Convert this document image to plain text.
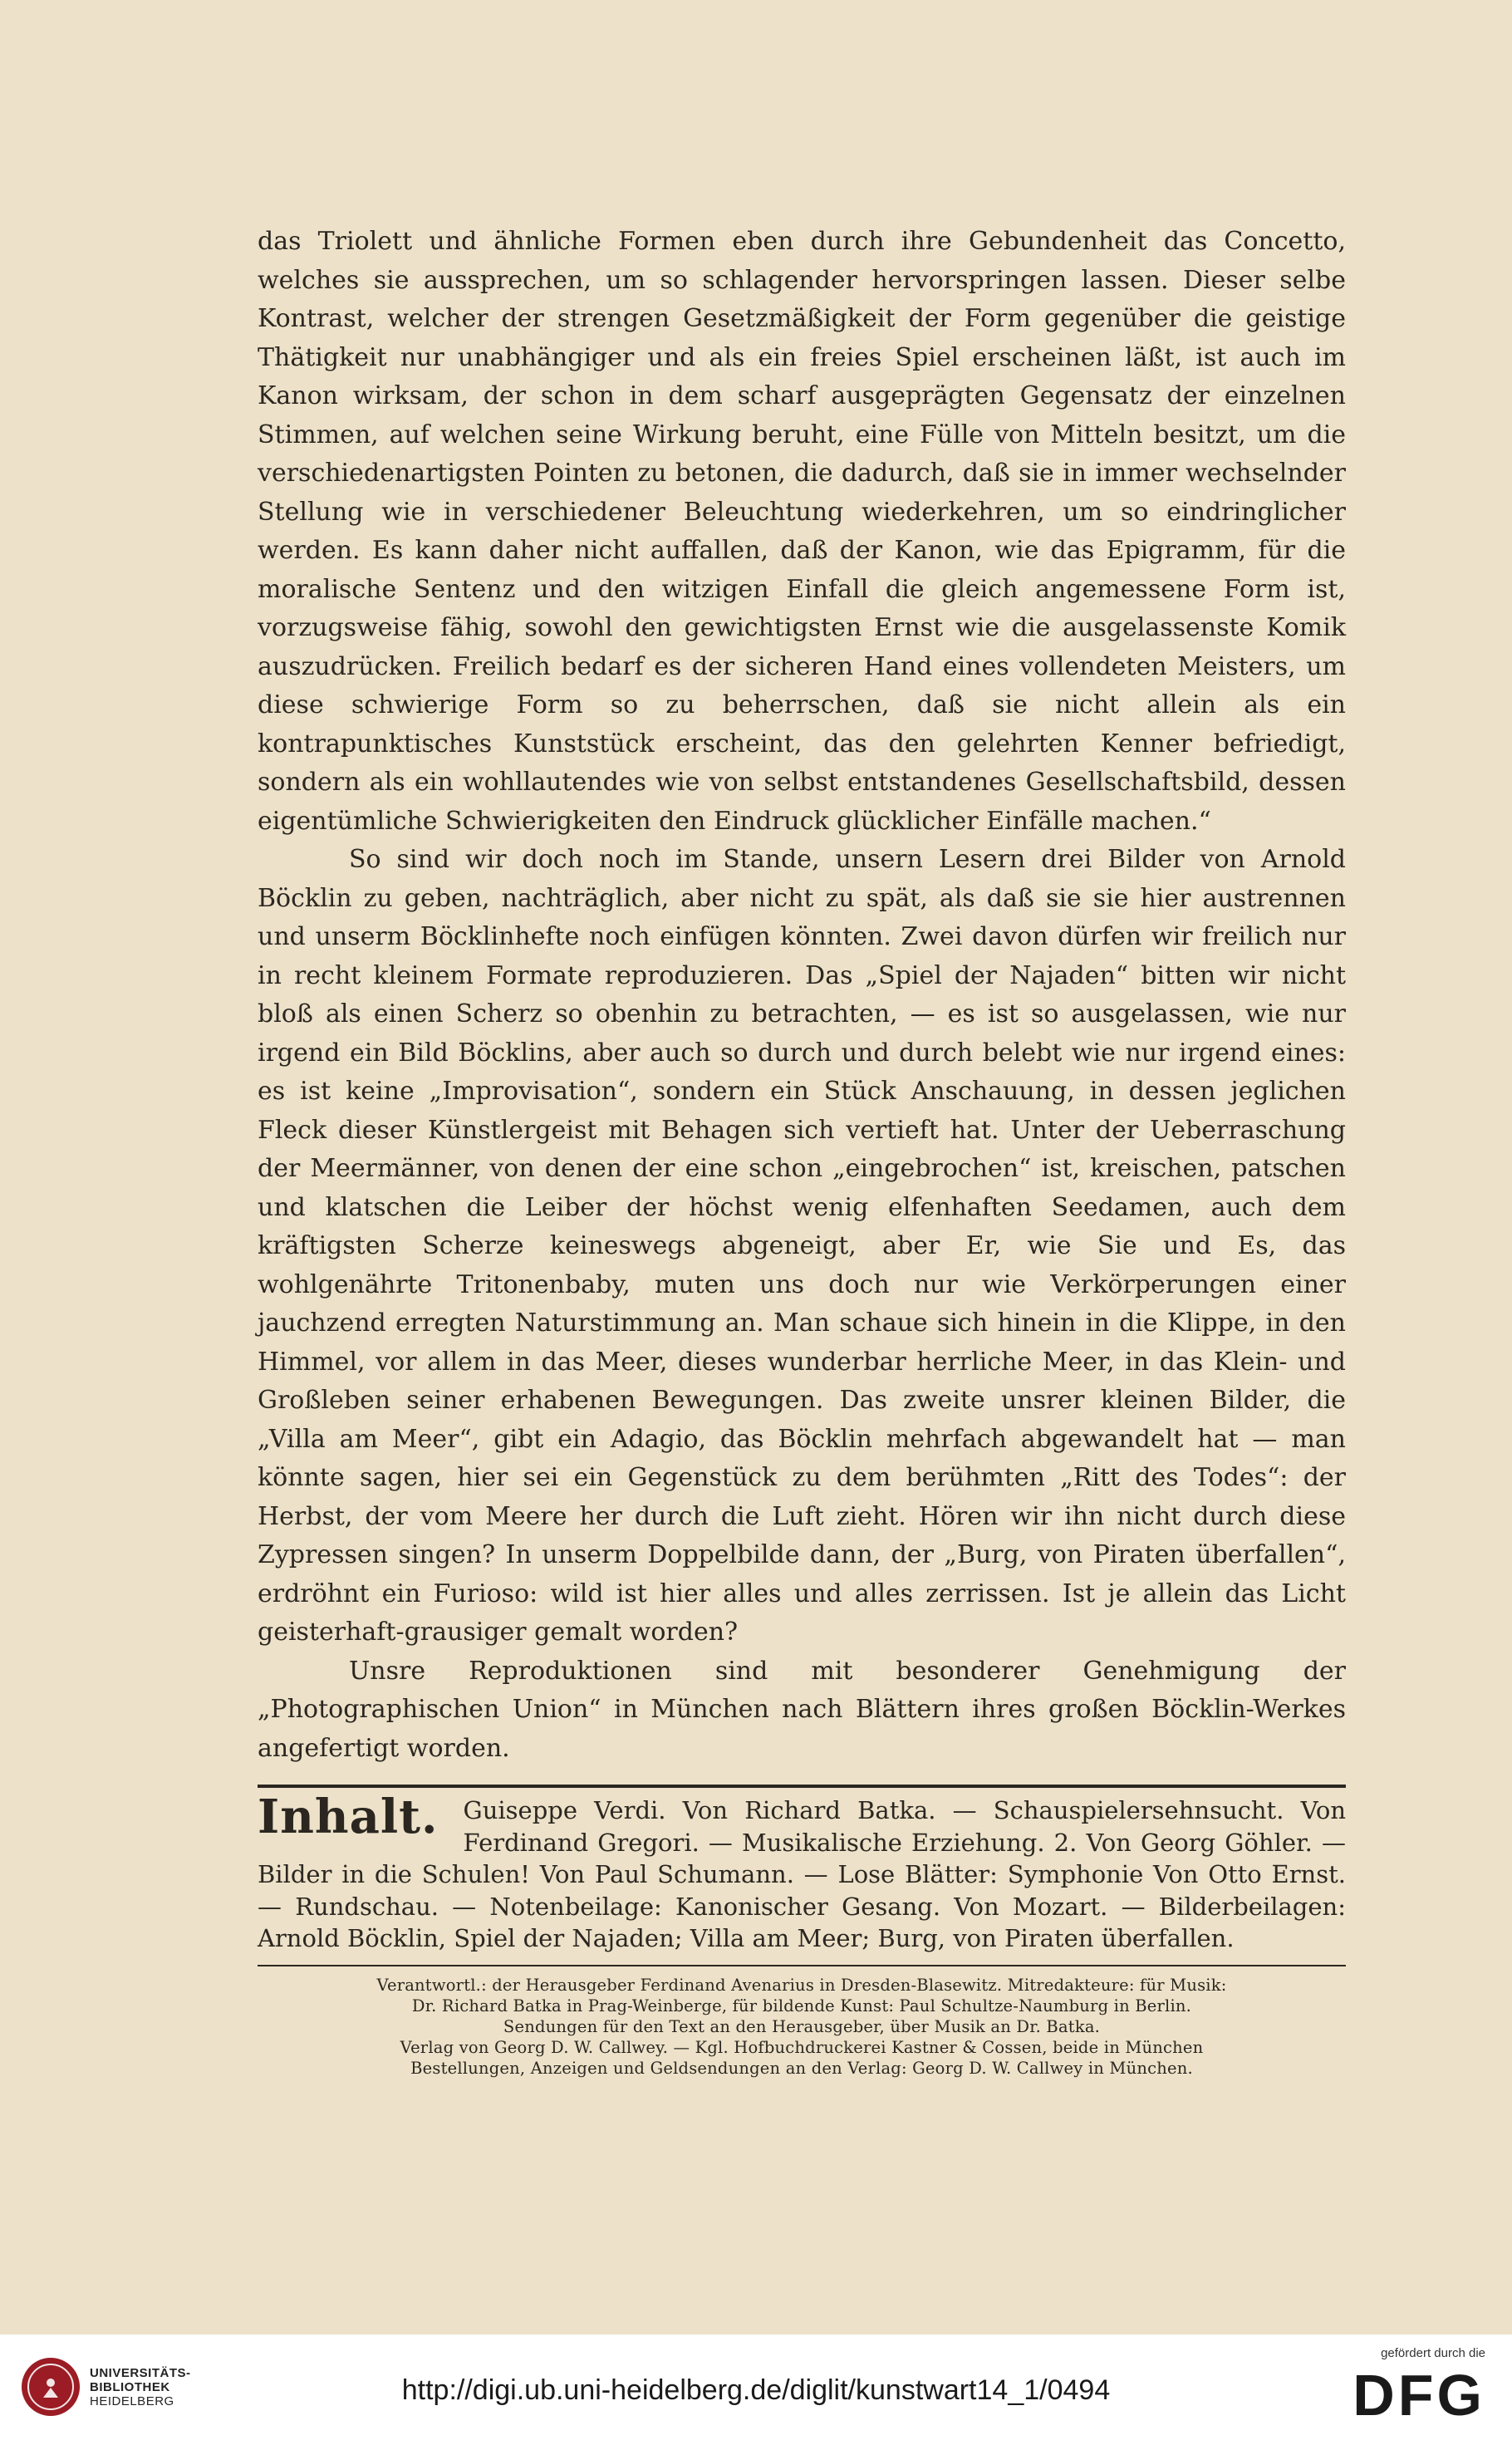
das Triolett und ähnliche Formen eben durch ihre Gebundenheit das Concetto, welches sie aussprechen, um so schlagender hervorspringen lassen. Dieser selbe Kontrast, welcher der strengen Gesetzmäßigkeit der Form gegenüber die geistige Thätigkeit nur unabhängiger und als ein freies Spiel erscheinen läßt, ist auch im Kanon wirksam, der schon in dem scharf ausgeprägten Gegensatz der einzelnen Stimmen, auf welchen seine Wirkung beruht, eine Fülle von Mitteln besitzt, um die verschiedenartigsten Pointen zu betonen, die dadurch, daß sie in immer wechselnder Stellung wie in verschiedener Beleuchtung wiederkehren, um so eindringlicher werden. Es kann daher nicht auffallen, daß der Kanon, wie das Epigramm, für die moralische Sentenz und den witzigen Einfall die gleich angemessene Form ist, vorzugsweise fähig, sowohl den gewichtigsten Ernst wie die ausgelassenste Komik auszudrücken. Freilich bedarf es der sicheren Hand eines vollendeten Meisters, um diese schwierige Form so zu beherrschen, daß sie nicht allein als ein kontrapunktisches Kunststück erscheint, das den gelehrten Kenner befriedigt, sondern als ein wohllautendes wie von selbst entstandenes Gesellschaftsbild, dessen eigentümliche Schwierigkeiten den Eindruck glücklicher Einfälle machen.“

So sind wir doch noch im Stande, unsern Lesern drei Bilder von Arnold Böcklin zu geben, nachträglich, aber nicht zu spät, als daß sie sie hier austrennen und unserm Böcklinhefte noch einfügen könnten. Zwei davon dürfen wir freilich nur in recht kleinem Formate reproduzieren. Das „Spiel der Najaden“ bitten wir nicht bloß als einen Scherz so obenhin zu betrachten, — es ist so ausgelassen, wie nur irgend ein Bild Böcklins, aber auch so durch und durch belebt wie nur irgend eines: es ist keine „Improvisation“, sondern ein Stück Anschauung, in dessen jeglichen Fleck dieser Künstlergeist mit Behagen sich vertieft hat. Unter der Ueberraschung der Meermänner, von denen der eine schon „eingebrochen“ ist, kreischen, patschen und klatschen die Leiber der höchst wenig elfenhaften Seedamen, auch dem kräftigsten Scherze keineswegs abgeneigt, aber Er, wie Sie und Es, das wohlgenährte Tritonenbaby, muten uns doch nur wie Verkörperungen einer jauchzend erregten Naturstimmung an. Man schaue sich hinein in die Klippe, in den Himmel, vor allem in das Meer, dieses wunderbar herrliche Meer, in das Klein- und Großleben seiner erhabenen Bewegungen. Das zweite unsrer kleinen Bilder, die „Villa am Meer“, gibt ein Adagio, das Böcklin mehrfach abgewandelt hat — man könnte sagen, hier sei ein Gegenstück zu dem berühmten „Ritt des Todes“: der Herbst, der vom Meere her durch die Luft zieht. Hören wir ihn nicht durch diese Zypressen singen? In unserm Doppelbilde dann, der „Burg, von Piraten überfallen“, erdröhnt ein Furioso: wild ist hier alles und alles zerrissen. Ist je allein das Licht geisterhaft-grausiger gemalt worden?

Unsre Reproduktionen sind mit besonderer Genehmigung der „Photographischen Union“ in München nach Blättern ihres großen Böcklin-Werkes angefertigt worden.

Inhalt. Guiseppe Verdi. Von Richard Batka. — Schauspielersehnsucht. Von Ferdinand Gregori. — Musikalische Erziehung. 2. Von Georg Göhler. — Bilder in die Schulen! Von Paul Schumann. — Lose Blätter: Symphonie Von Otto Ernst. — Rundschau. — Notenbeilage: Kanonischer Gesang. Von Mozart. — Bilderbeilagen: Arnold Böcklin, Spiel der Najaden; Villa am Meer; Burg, von Piraten überfallen.
Verantwortl.: der Herausgeber Ferdinand Avenarius in Dresden-Blasewitz. Mitredakteure: für Musik:
Dr. Richard Batka in Prag-Weinberge, für bildende Kunst: Paul Schultze-Naumburg in Berlin.
Sendungen für den Text an den Herausgeber, über Musik an Dr. Batka.
Verlag von Georg D. W. Callwey. — Kgl. Hofbuchdruckerei Kastner & Cossen, beide in München
Bestellungen, Anzeigen und Geldsendungen an den Verlag: Georg D. W. Callwey in München.
UNIVERSITÄTS-
BIBLIOTHEK
HEIDELBERG	http://digi.ub.uni-heidelberg.de/diglit/kunstwart14_1/0494
gefördert durch die
DFG
